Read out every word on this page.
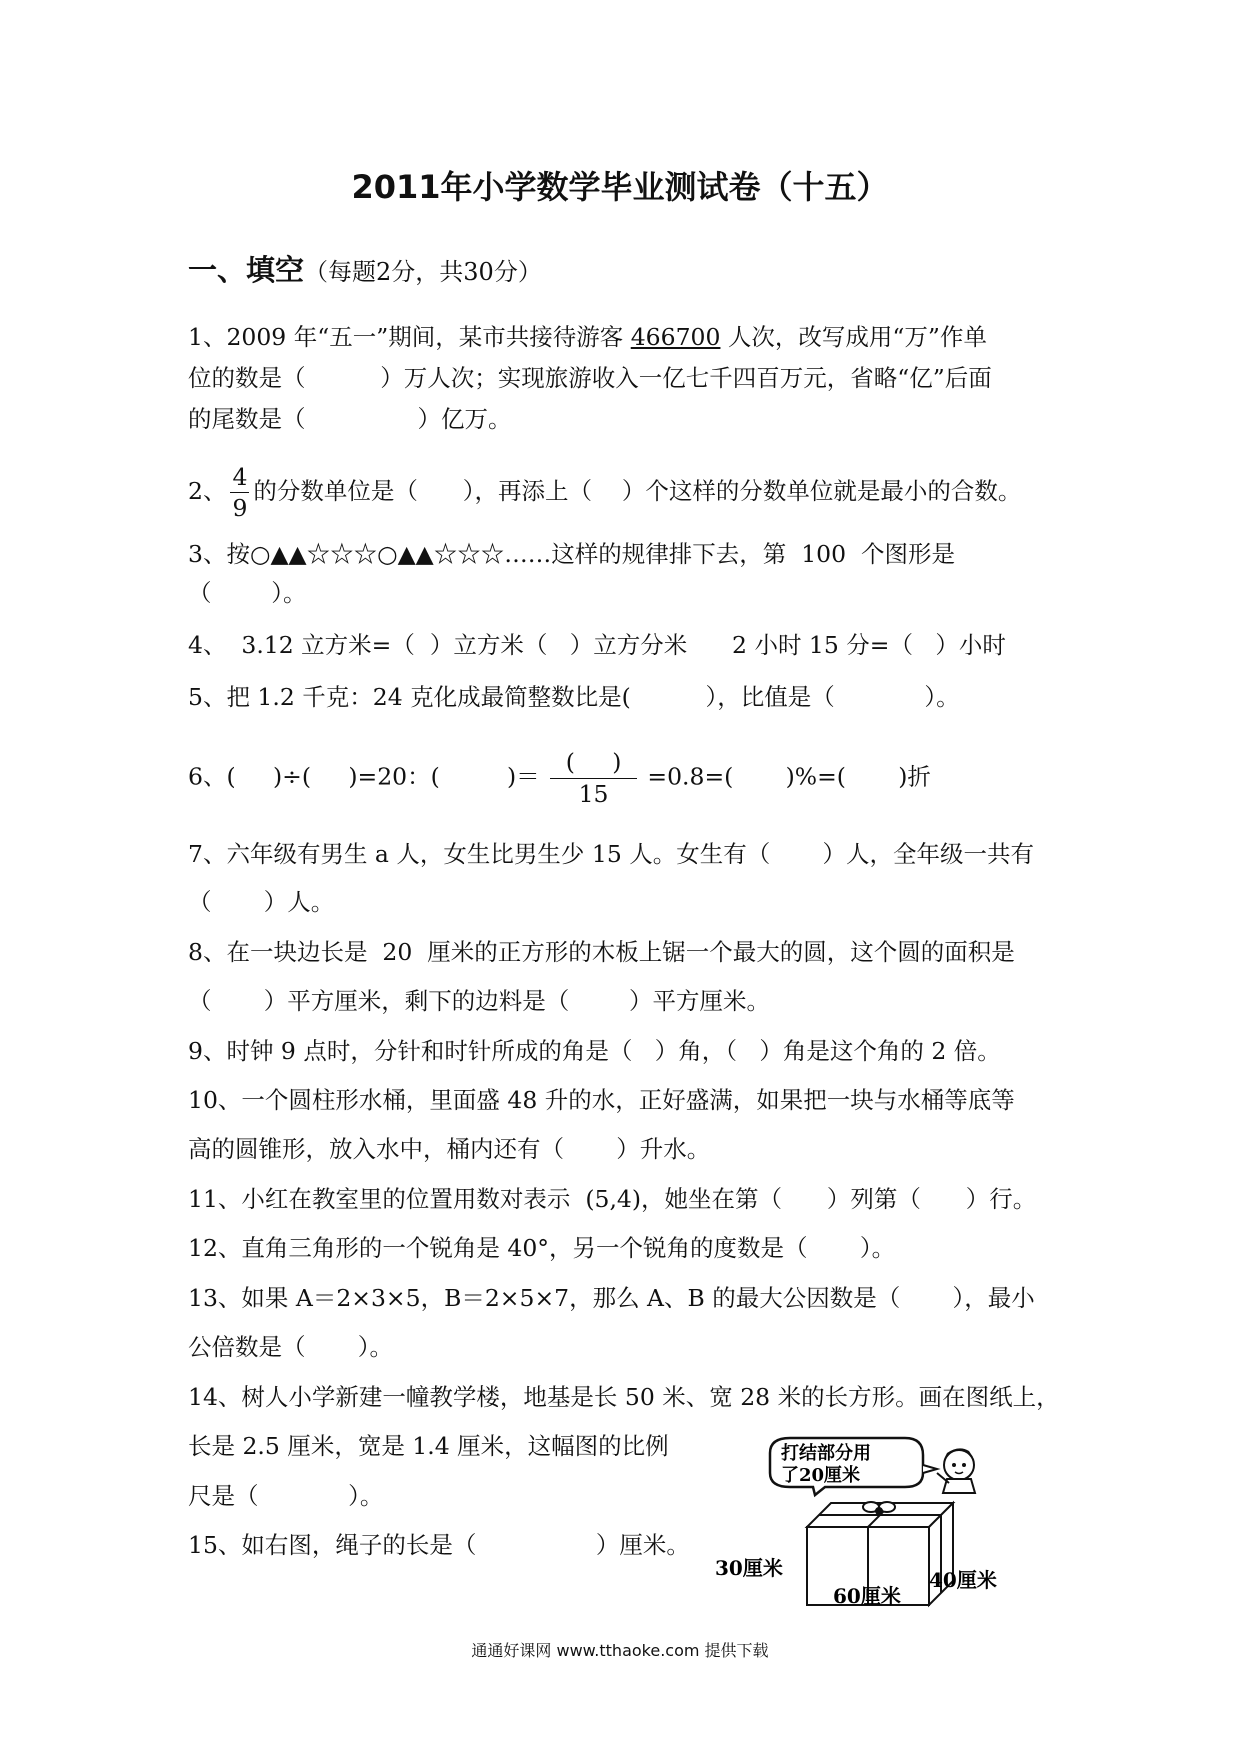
2011年小学数学毕业测试卷（十五）
一、填空（每题2分，共30分）
1、2009 年“五一”期间，某市共接待游客 466700 人次，改写成用“万”作单
位的数是（          ）万人次；实现旅游收入一亿七千四百万元，省略“亿”后面
的尾数是（               ）亿万。
2、 $\frac{4}{9}$ 的分数单位是（      ），再添上（    ）个这样的分数单位就是最小的合数。
3、按○▲▲☆☆☆○▲▲☆☆☆……这样的规律排下去，第  100  个图形是
（        ）。
4、  3.12 立方米=（  ）立方米（   ）立方分米      2 小时 15 分=（   ）小时
5、把 1.2 千克：24 克化成最简整数比是(          ），比值是（            ）。
6、(     )÷(     )=20：(         )＝ $\frac{( )}{15} =0.8=$(       )%=(       )折
7、六年级有男生 a 人，女生比男生少 15 人。女生有（       ）人，全年级一共有
（       ）人。
8、在一块边长是  20  厘米的正方形的木板上锯一个最大的圆，这个圆的面积是
（       ）平方厘米，剩下的边料是（        ）平方厘米。
9、时钟 9 点时，分针和时针所成的角是（   ）角，（   ）角是这个角的 2 倍。
10、一个圆柱形水桶，里面盛 48 升的水，正好盛满，如果把一块与水桶等底等
高的圆锥形，放入水中，桶内还有（       ）升水。
11、小红在教室里的位置用数对表示  (5,4)，她坐在第（      ）列第（      ）行。
12、直角三角形的一个锐角是 40°，另一个锐角的度数是（       ）。
13、如果 A＝2×3×5，B＝2×5×7，那么 A、B 的最大公因数是（       ），最小
公倍数是（       ）。
14、树人小学新建一幢教学楼，地基是长 50 米、宽 28 米的长方形。画在图纸上，
长是 2.5 厘米，宽是 1.4 厘米，这幅图的比例
尺是（            ）。
15、如右图，绳子的长是（                ）厘米。
打结部分用
了20厘米
30厘米
60厘米
40厘米
通通好课网 www.tthaoke.com 提供下载
